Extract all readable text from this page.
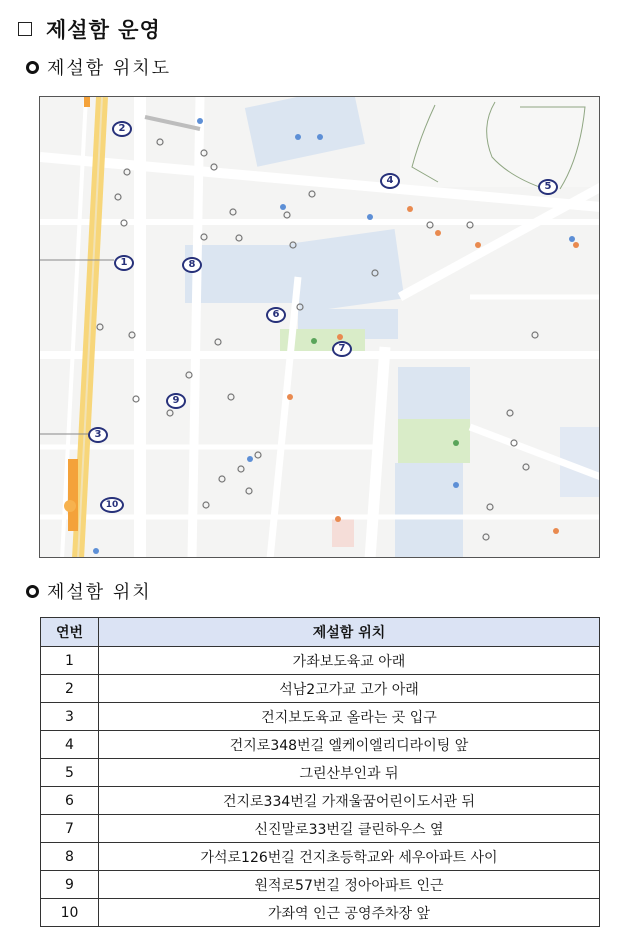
제설함 운영
제설함 위치도
1
2
3
4
5
6
7
8
9
10
제설함 위치
연번	제설함 위치
1	가좌보도육교 아래
2	석남2고가교 고가 아래
3	건지보도육교 올라는 곳 입구
4	건지로348번길 엘케이엘리디라이팅 앞
5	그린산부인과 뒤
6	건지로334번길 가재울꿈어린이도서관 뒤
7	신진말로33번길 클린하우스 옆
8	가석로126번길 건지초등학교와 세우아파트 사이
9	원적로57번길 정아아파트 인근
10	가좌역 인근 공영주차장 앞
